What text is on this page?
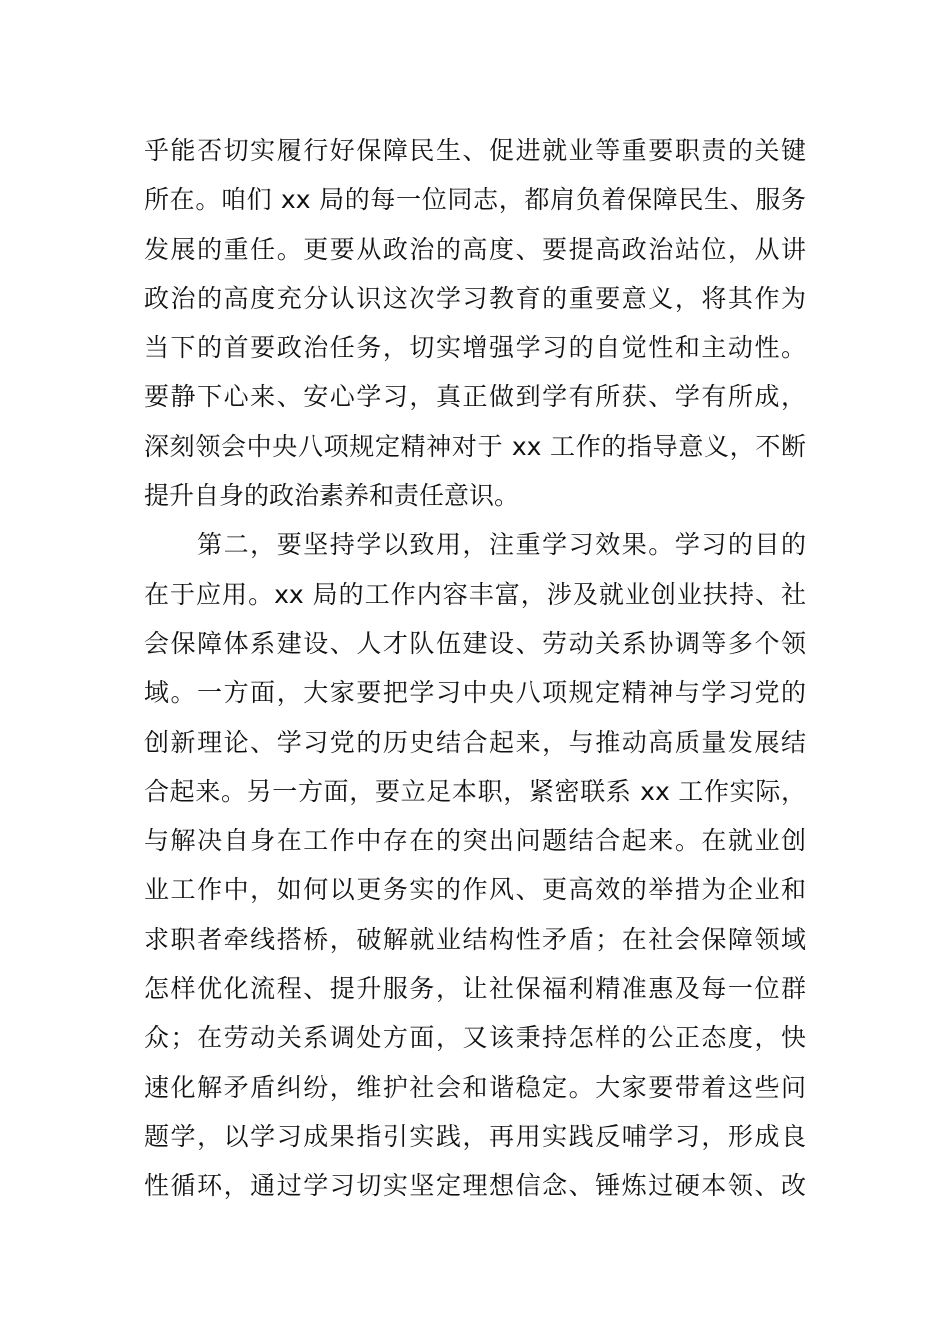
乎能否切实履行好保障民生、促进就业等重要职责的关键
所在。咱们 xx 局的每一位同志，都肩负着保障民生、服务
发展的重任。更要从政治的高度、要提高政治站位，从讲
政治的高度充分认识这次学习教育的重要意义，将其作为
当下的首要政治任务，切实增强学习的自觉性和主动性。
要静下心来、安心学习，真正做到学有所获、学有所成，
深刻领会中央八项规定精神对于 xx 工作的指导意义，不断
提升自身的政治素养和责任意识。
　　第二，要坚持学以致用，注重学习效果。学习的目的
在于应用。xx 局的工作内容丰富，涉及就业创业扶持、社
会保障体系建设、人才队伍建设、劳动关系协调等多个领
域。一方面，大家要把学习中央八项规定精神与学习党的
创新理论、学习党的历史结合起来，与推动高质量发展结
合起来。另一方面，要立足本职，紧密联系 xx 工作实际，
与解决自身在工作中存在的突出问题结合起来。在就业创
业工作中，如何以更务实的作风、更高效的举措为企业和
求职者牵线搭桥，破解就业结构性矛盾；在社会保障领域
怎样优化流程、提升服务，让社保福利精准惠及每一位群
众；在劳动关系调处方面，又该秉持怎样的公正态度，快
速化解矛盾纠纷，维护社会和谐稳定。大家要带着这些问
题学，以学习成果指引实践，再用实践反哺学习，形成良
性循环，通过学习切实坚定理想信念、锤炼过硬本领、改
